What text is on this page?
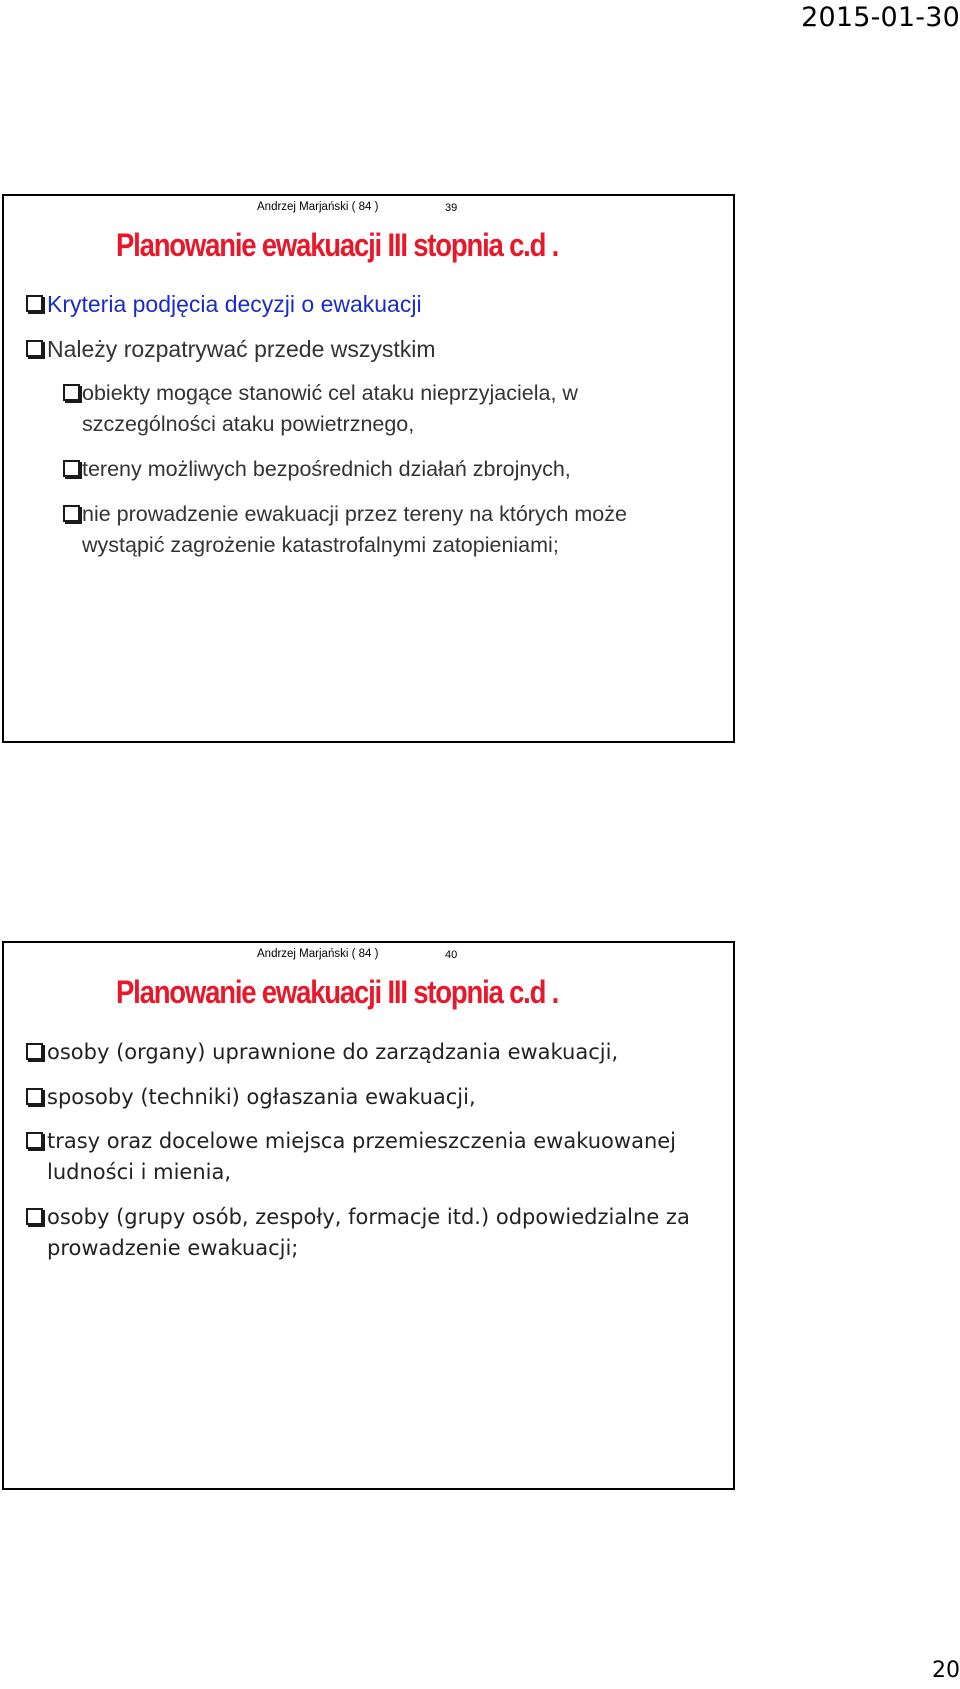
2015-01-30
Andrzej Marjański ( 84 )	39
Planowanie ewakuacji III stopnia c.d .
Kryteria podjęcia decyzji o ewakuacji
Należy rozpatrywać przede wszystkim
obiekty mogące stanowić cel ataku nieprzyjaciela, w
szczególności ataku powietrznego,
tereny możliwych bezpośrednich działań zbrojnych,
nie prowadzenie ewakuacji przez tereny na których może
wystąpić zagrożenie katastrofalnymi zatopieniami;
Andrzej Marjański ( 84 )	40
Planowanie ewakuacji III stopnia c.d .
osoby (organy) uprawnione do zarządzania ewakuacji,
sposoby (techniki) ogłaszania ewakuacji,
trasy oraz docelowe miejsca przemieszczenia ewakuowanej
ludności i mienia,
osoby (grupy osób, zespoły, formacje itd.) odpowiedzialne za
prowadzenie ewakuacji;
20
